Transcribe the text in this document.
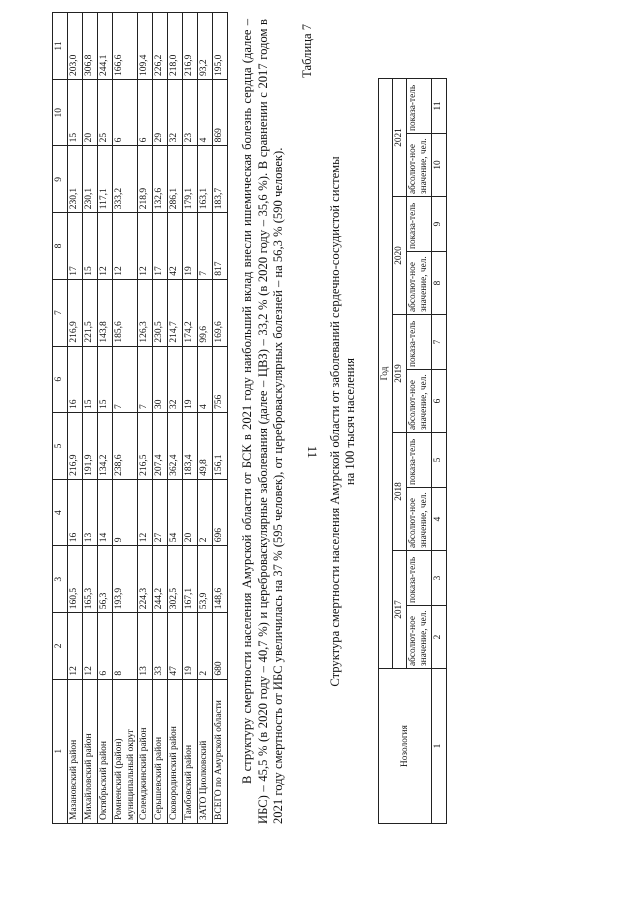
11
1	2	3	4	5	6	7	8	9	10	11
Мазановский район	12	160,5	16	216,9	16	216,9	17	230,1	15	203,0
Михайловский район	12	165,3	13	191,9	15	221,5	15	230,1	20	306,8
Октябрьский район	6	56,3	14	134,2	15	143,8	12	117,1	25	244,1
Ромненский (район) муниципальный округ	8	193,9	9	238,6	7	185,6	12	333,2	6	166,6
Селемджинский район	13	224,3	12	216,5	7	126,3	12	218,9	6	109,4
Серышевский район	33	244,2	27	207,4	30	230,5	17	132,6	29	226,2
Сковородинский район	47	302,5	54	362,4	32	214,7	42	286,1	32	218,0
Тамбовский район	19	167,1	20	183,4	19	174,2	19	179,1	23	216,9
ЗАТО Циолковский	2	53,9	2	49,8	4	99,6	7	163,1	4	93,2
ВСЕГО по Амурской области	680	148,6	696	156,1	756	169,6	817	183,7	869	195,0 В структуру смертности населения Амурской области от БСК в 2021 году наибольший вклад внесли ишемическая болезнь сердца (далее – ИБС) – 45,5 % (в 2020 году – 40,7 %) и цереброваскулярные заболевания (далее – ЦВЗ) – 33,2 % (в 2020 году – 35,6 %). В сравнении с 2017 годом в 2021 году смертность от ИБС увеличилась на 37 % (595 человек), от цереброваскулярных болезней – на 56,3 % (590 человек).

Таблица 7
Структура смертности населения Амурской области от заболеваний сердечно-сосудистой системы на 100 тысяч населения
Нозология	Год									
	2017		2018		2019		2020		2021	
	абсолют-ное значение, чел.	показа-тель	абсолют-ное значение, чел.	показа-тель	абсолют-ное значение, чел.	показа-тель	абсолют-ное значение, чел.	показа-тель	абсолют-ное значение, чел.	показа-тель
1	2	3	4	5	6	7	8	9	10	11
